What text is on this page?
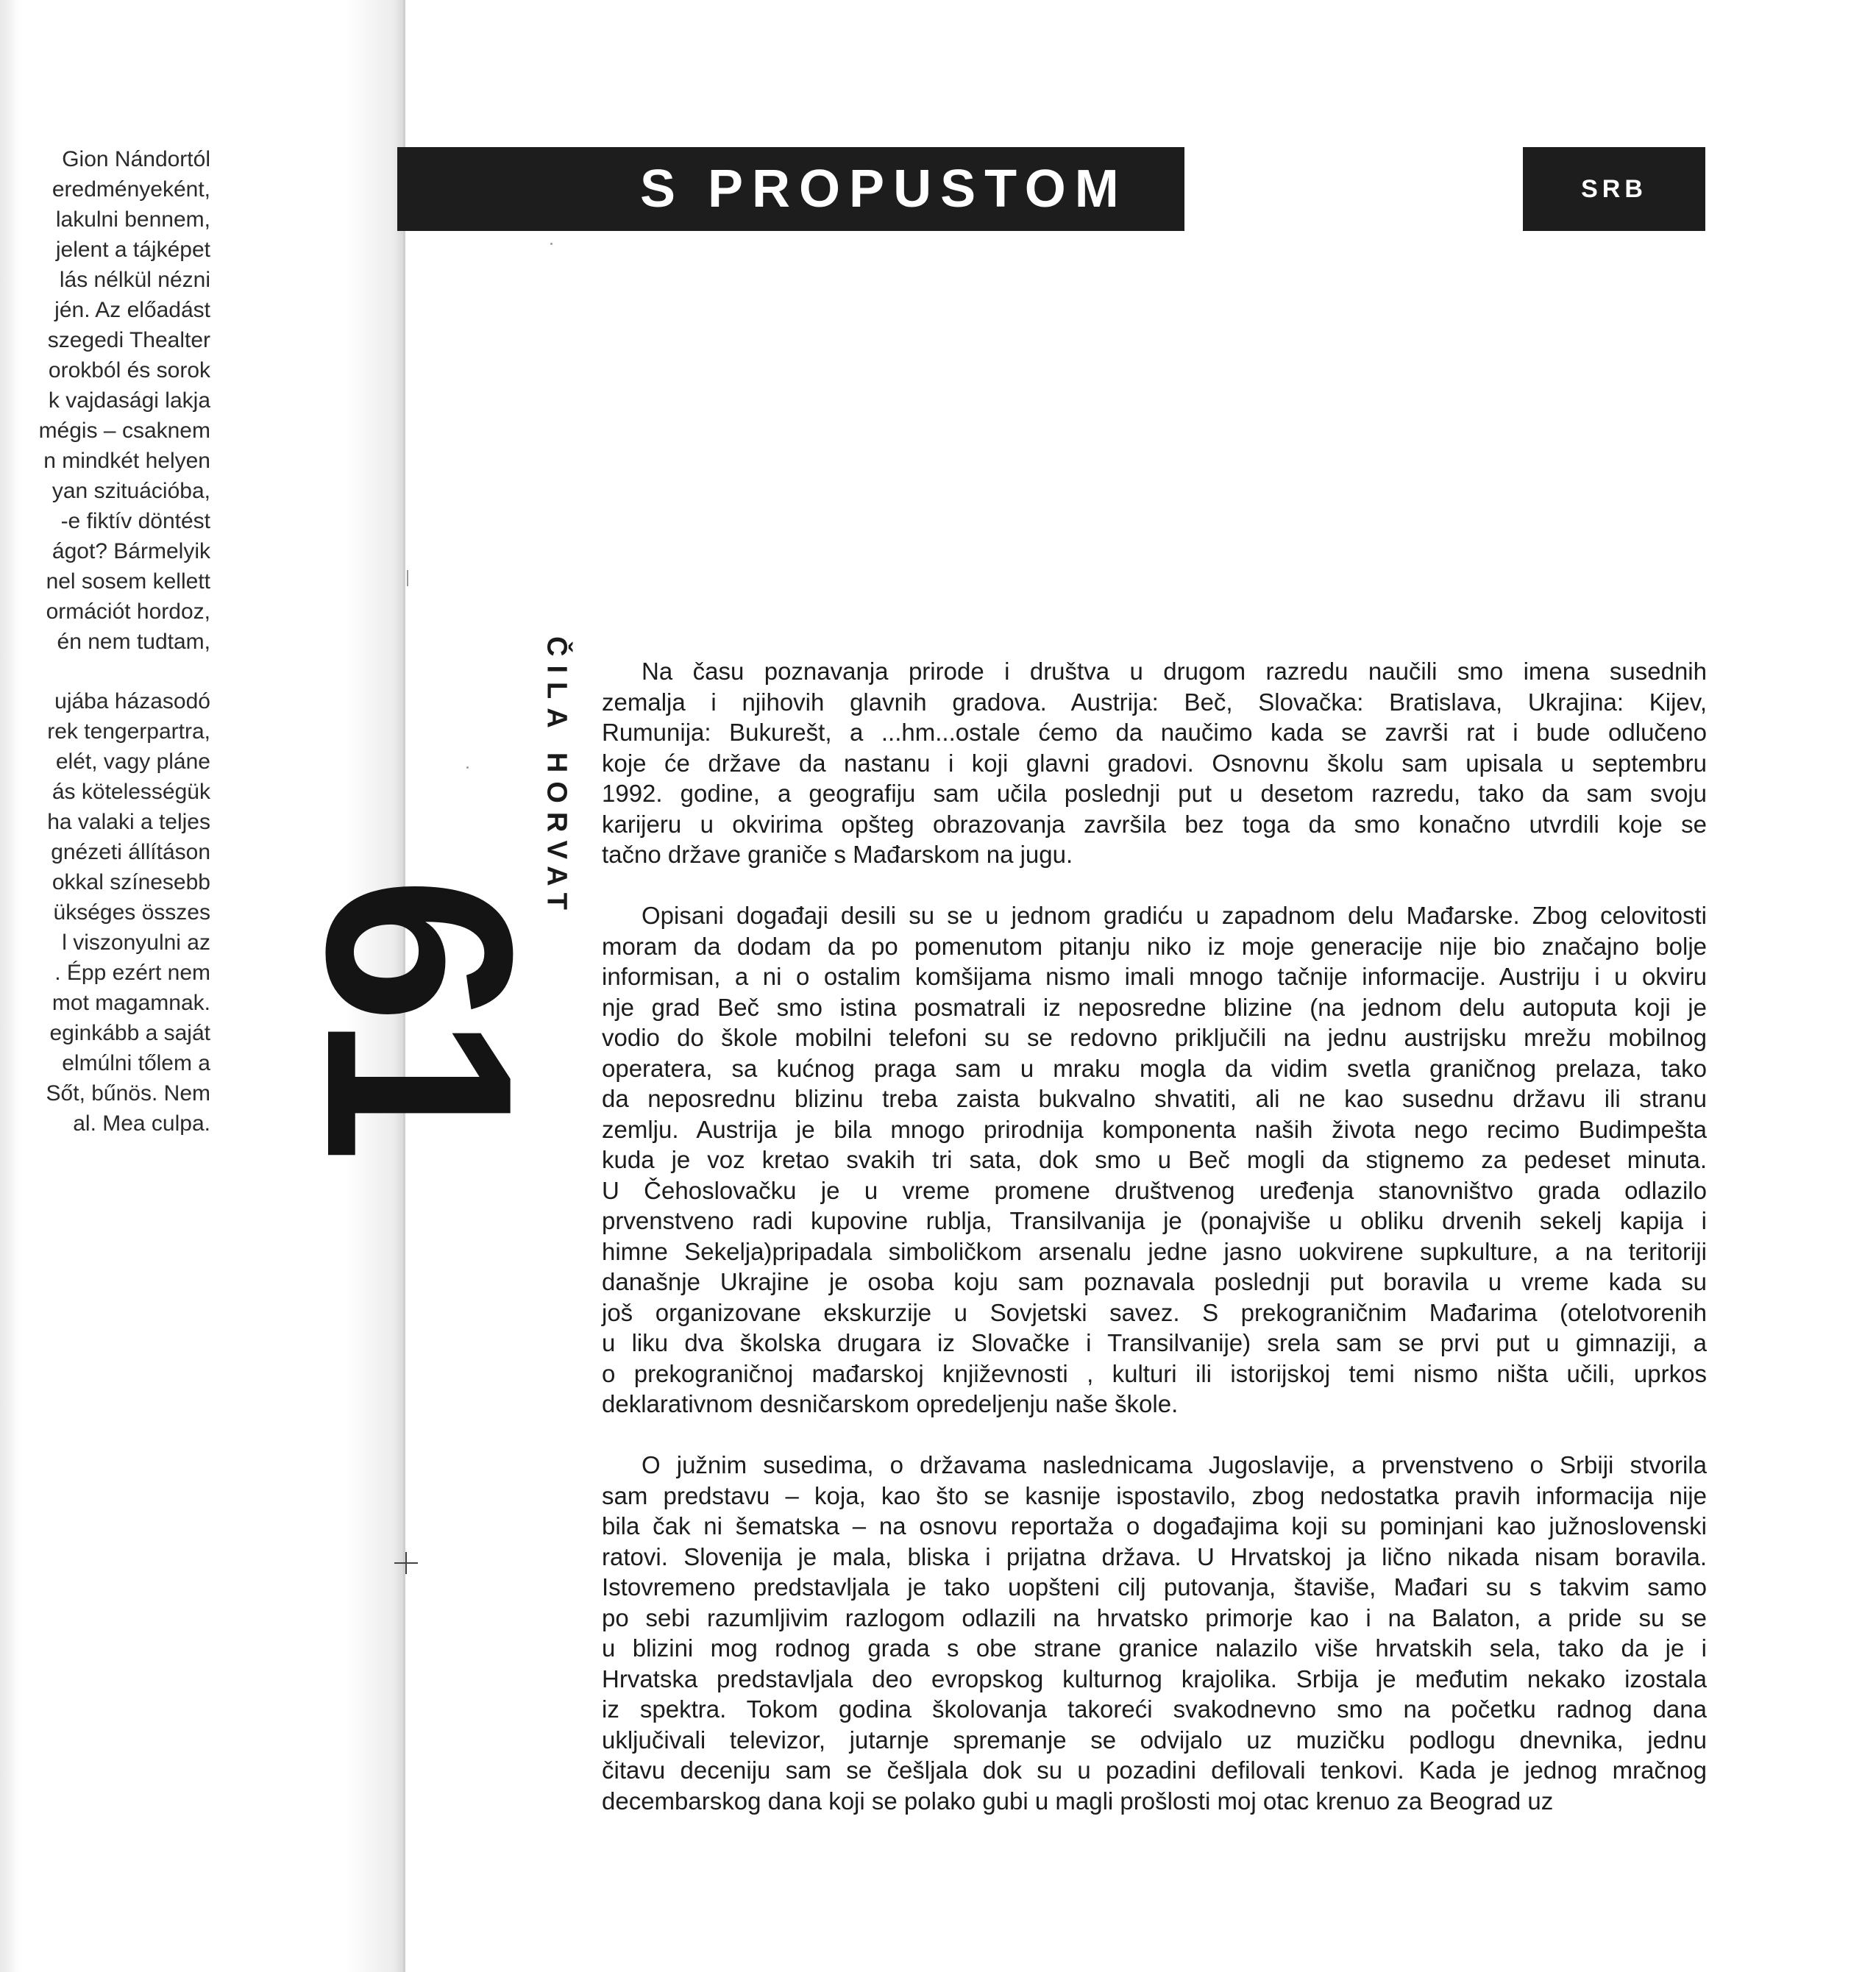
Gion Nándortól
eredményeként,
lakulni bennem,
jelent a tájképet
lás nélkül nézni
jén. Az előadást
szegedi Thealter
orokból és sorok
k vajdasági lakja
mégis – csaknem
n mindkét helyen
yan szituációba,
-e fiktív döntést
ágot? Bármelyik
nel sosem kellett
ormációt hordoz,
én nem tudtam,
ujába házasodó
rek tengerpartra,
elét, vagy pláne
ás kötelességük
ha valaki a teljes
gnézeti állításon
okkal színesebb
ükséges összes
l viszonyulni az
. Épp ezért nem
mot magamnak.
eginkább a saját
elmúlni tőlem a
Sőt, bűnös. Nem
al. Mea culpa.
S PROPUSTOM	SRB
61
ČILA HORVAT	Na času poznavanja prirode i društva u drugom razredu naučili smo imena susednih
zemalja i njihovih glavnih gradova. Austrija: Beč, Slovačka: Bratislava, Ukrajina: Kijev,
Rumunija: Bukurešt, a ...hm...ostale ćemo da naučimo kada se završi rat i bude odlučeno
koje će države da nastanu i koji glavni gradovi. Osnovnu školu sam upisala u septembru
1992. godine, a geografiju sam učila poslednji put u desetom razredu, tako da sam svoju
karijeru u okvirima opšteg obrazovanja završila bez toga da smo konačno utvrdili koje se
tačno države graniče s Mađarskom na jugu.
Opisani događaji desili su se u jednom gradiću u zapadnom delu Mađarske. Zbog celovitosti
moram da dodam da po pomenutom pitanju niko iz moje generacije nije bio značajno bolje
informisan, a ni o ostalim komšijama nismo imali mnogo tačnije informacije. Austriju i u okviru
nje grad Beč smo istina posmatrali iz neposredne blizine (na jednom delu autoputa koji je
vodio do škole mobilni telefoni su se redovno priključili na jednu austrijsku mrežu mobilnog
operatera, sa kućnog praga sam u mraku mogla da vidim svetla graničnog prelaza, tako
da neposrednu blizinu treba zaista bukvalno shvatiti, ali ne kao susednu državu ili stranu
zemlju. Austrija je bila mnogo prirodnija komponenta naših života nego recimo Budimpešta
kuda je voz kretao svakih tri sata, dok smo u Beč mogli da stignemo za pedeset minuta.
U Čehoslovačku je u vreme promene društvenog uređenja stanovništvo grada odlazilo
prvenstveno radi kupovine rublja, Transilvanija je (ponajviše u obliku drvenih sekelj kapija i
himne Sekelja)pripadala simboličkom arsenalu jedne jasno uokvirene supkulture, a na teritoriji
današnje Ukrajine je osoba koju sam poznavala poslednji put boravila u vreme kada su
još organizovane ekskurzije u Sovjetski savez. S prekograničnim Mađarima (otelotvorenih
u liku dva školska drugara iz Slovačke i Transilvanije) srela sam se prvi put u gimnaziji, a
o prekograničnoj mađarskoj književnosti , kulturi ili istorijskoj temi nismo ništa učili, uprkos
deklarativnom desničarskom opredeljenju naše škole.
O južnim susedima, o državama naslednicama Jugoslavije, a prvenstveno o Srbiji stvorila
sam predstavu – koja, kao što se kasnije ispostavilo, zbog nedostatka pravih informacija nije
bila čak ni šematska – na osnovu reportaža o događajima koji su pominjani kao južnoslovenski
ratovi. Slovenija je mala, bliska i prijatna država. U Hrvatskoj ja lično nikada nisam boravila.
Istovremeno predstavljala je tako uopšteni cilj putovanja, štaviše, Mađari su s takvim samo
po sebi razumljivim razlogom odlazili na hrvatsko primorje kao i na Balaton, a pride su se
u blizini mog rodnog grada s obe strane granice nalazilo više hrvatskih sela, tako da je i
Hrvatska predstavljala deo evropskog kulturnog krajolika. Srbija je međutim nekako izostala
iz spektra. Tokom godina školovanja takoreći svakodnevno smo na početku radnog dana
uključivali televizor, jutarnje spremanje se odvijalo uz muzičku podlogu dnevnika, jednu
čitavu deceniju sam se češljala dok su u pozadini defilovali tenkovi. Kada je jednog mračnog
decembarskog dana koji se polako gubi u magli prošlosti moj otac krenuo za Beograd uz
